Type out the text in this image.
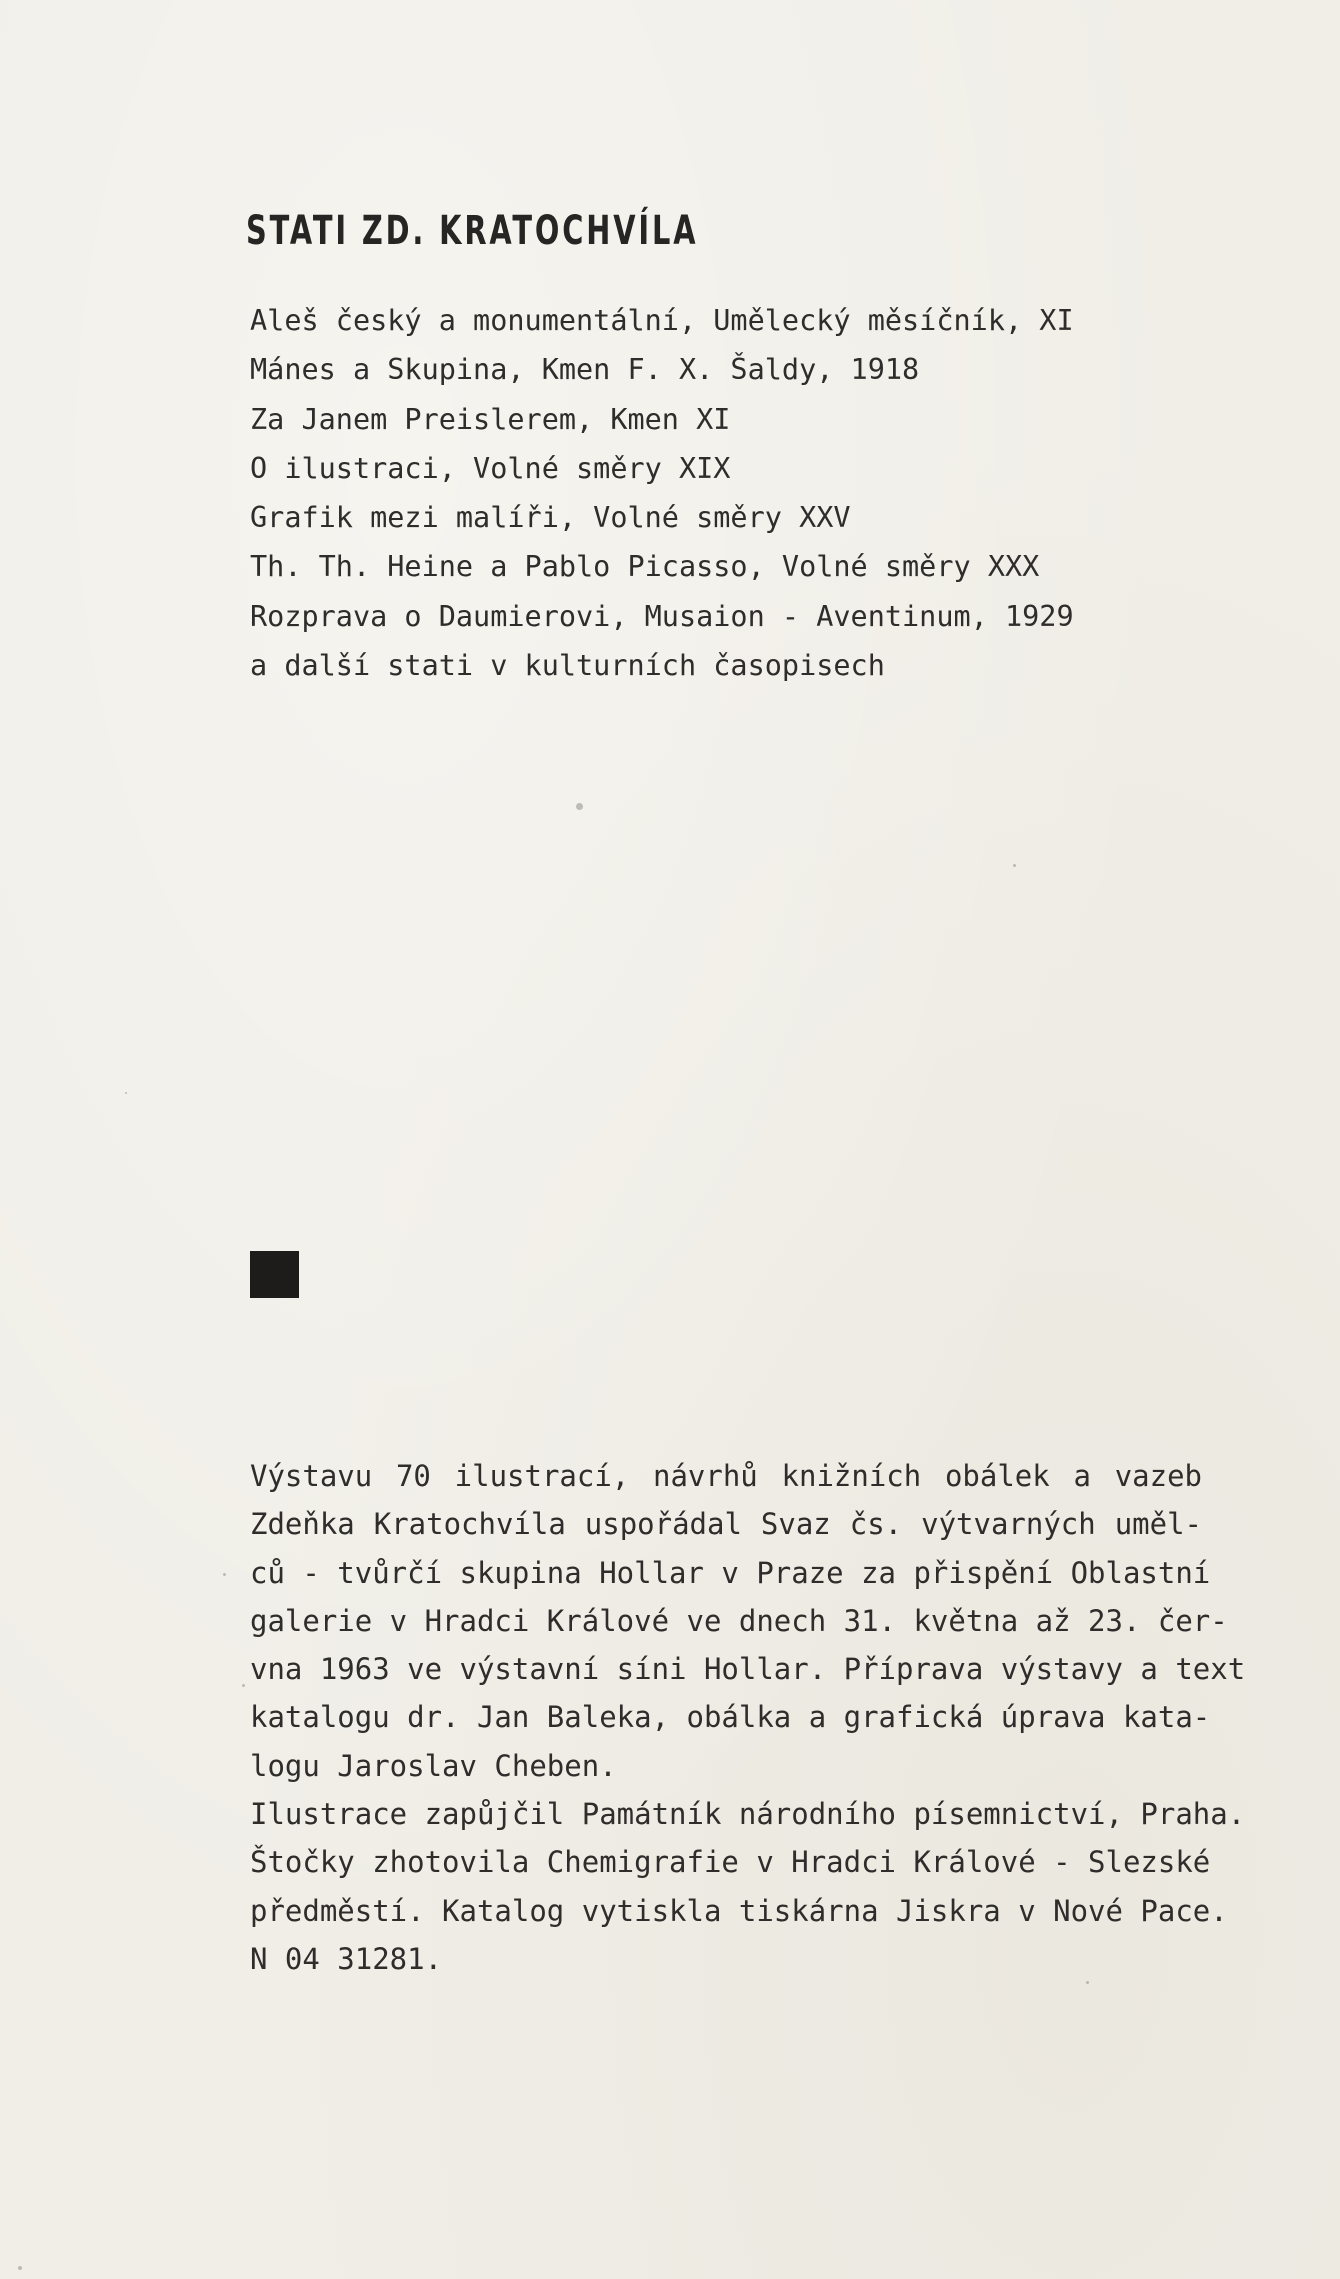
STATI ZD. KRATOCHVÍLA
Aleš český a monumentální, Umělecký měsíčník, XI
Mánes a Skupina, Kmen F. X. Šaldy, 1918
Za Janem Preislerem, Kmen XI
O ilustraci, Volné směry XIX
Grafik mezi malíři, Volné směry XXV
Th. Th. Heine a Pablo Picasso, Volné směry XXX
Rozprava o Daumierovi, Musaion - Aventinum, 1929
a další stati v kulturních časopisech

Výstavu 70 ilustrací, návrhů knižních obálek a vazeb

Zdeňka Kratochvíla uspořádal Svaz čs. výtvarných uměl-

ců - tvůrčí skupina Hollar v Praze za přispění Oblastní

galerie v Hradci Králové ve dnech 31. května až 23. čer-

vna 1963 ve výstavní síni Hollar. Příprava výstavy a text

katalogu dr. Jan Baleka, obálka a grafická úprava kata-

logu Jaroslav Cheben.

Ilustrace zapůjčil Památník národního písemnictví, Praha.

Štočky zhotovila Chemigrafie v Hradci Králové - Slezské

předměstí. Katalog vytiskla tiskárna Jiskra v Nové Pace.

N 04 31281.
